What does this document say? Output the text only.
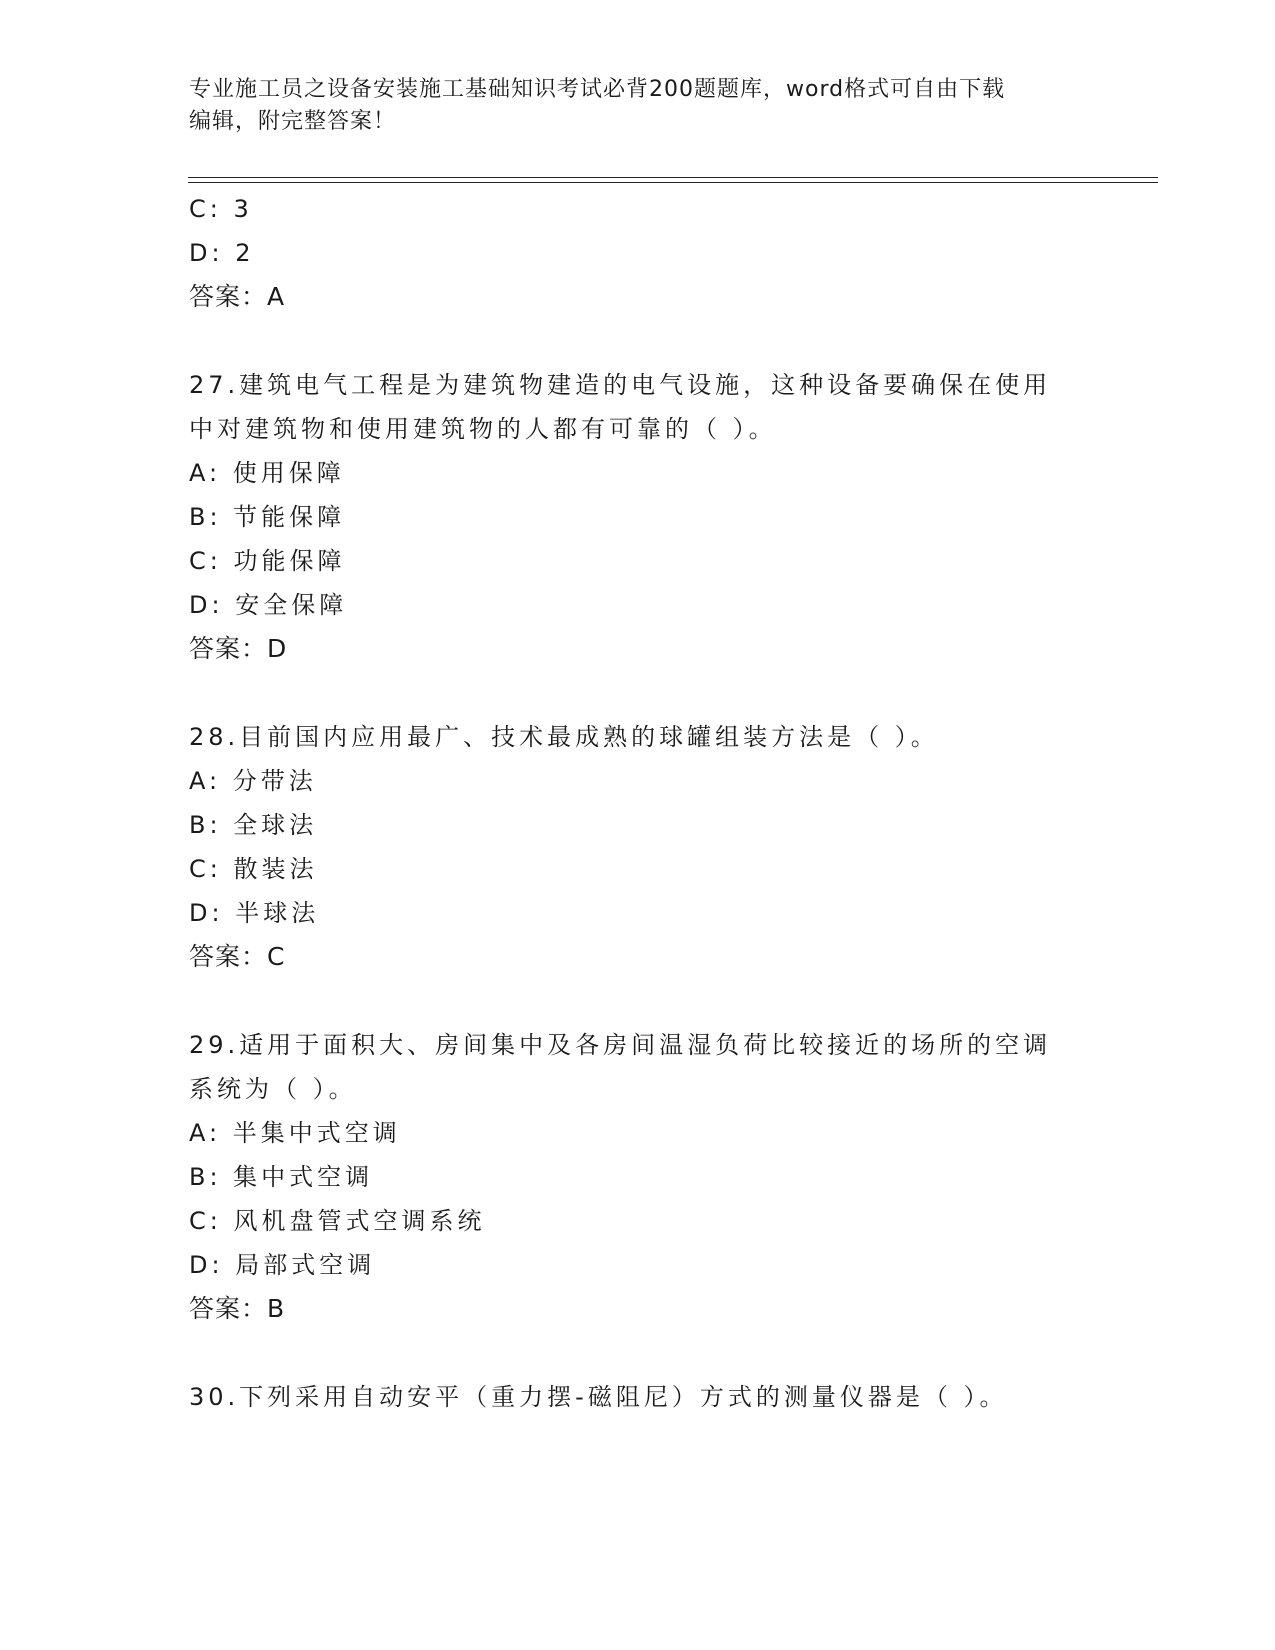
专业施工员之设备安装施工基础知识考试必背200题题库，word格式可自由下载
编辑，附完整答案！
C: 3
D: 2
答案：A
27.建筑电气工程是为建筑物建造的电气设施，这种设备要确保在使用
中对建筑物和使用建筑物的人都有可靠的（ ）。
A: 使用保障
B: 节能保障
C: 功能保障
D: 安全保障
答案：D
28.目前国内应用最广、技术最成熟的球罐组装方法是（ ）。
A: 分带法
B: 全球法
C: 散装法
D: 半球法
答案：C
29.适用于面积大、房间集中及各房间温湿负荷比较接近的场所的空调
系统为（ ）。
A: 半集中式空调
B: 集中式空调
C: 风机盘管式空调系统
D: 局部式空调
答案：B
30.下列采用自动安平（重力摆-磁阻尼）方式的测量仪器是（ ）。
